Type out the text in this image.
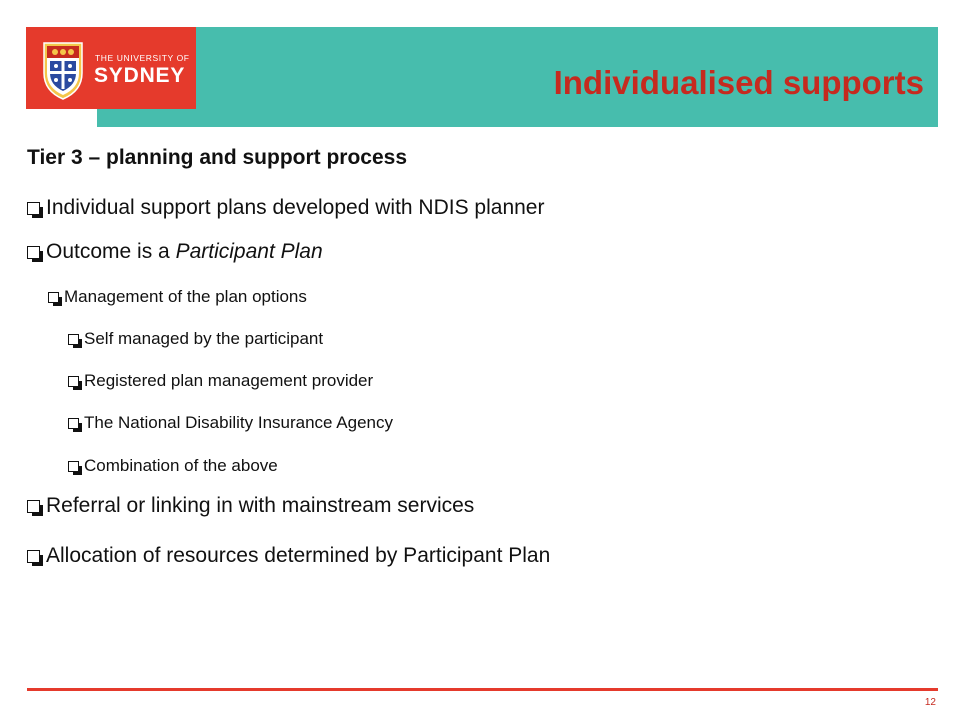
THE UNIVERSITY OF
SYDNEY	Individualised supports
Tier 3 – planning and support process
Individual support plans developed with NDIS planner
Outcome is a Participant Plan
Management of the plan options
Self managed by the participant
Registered plan management provider
The National Disability Insurance Agency
Combination of the above
Referral or linking in with mainstream services
Allocation of resources determined by Participant Plan
12
